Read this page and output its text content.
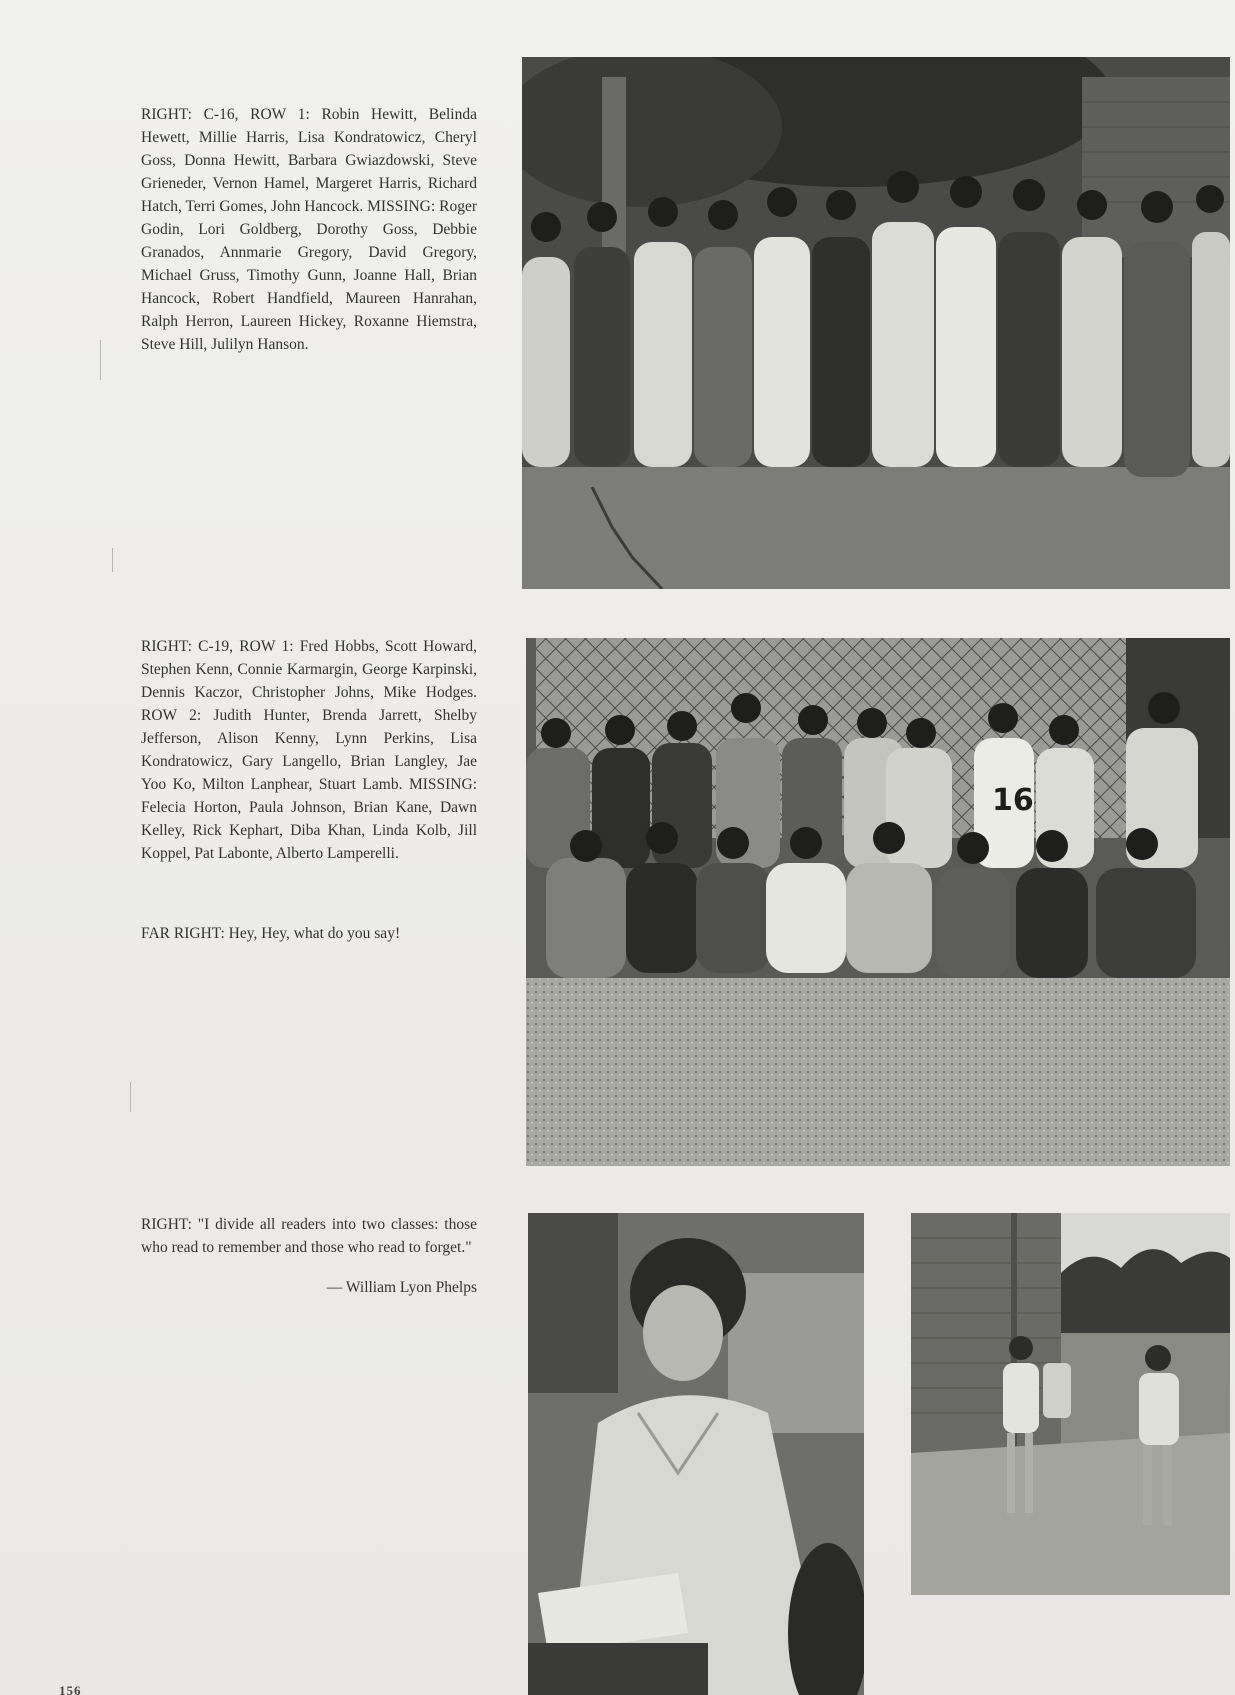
RIGHT: C-16, ROW 1: Robin Hewitt, Belinda Hewett, Millie Harris, Lisa Kondratowicz, Cheryl Goss, Donna Hewitt, Barbara Gwiazdowski, Steve Grieneder, Vernon Hamel, Margeret Harris, Richard Hatch, Terri Gomes, John Hancock. MISSING: Roger Godin, Lori Goldberg, Dorothy Goss, Debbie Granados, Annmarie Gregory, David Gregory, Michael Gruss, Timothy Gunn, Joanne Hall, Brian Hancock, Robert Handfield, Maureen Hanrahan, Ralph Herron, Laureen Hickey, Roxanne Hiemstra, Steve Hill, Julilyn Hanson.

RIGHT: C-19, ROW 1: Fred Hobbs, Scott Howard, Stephen Kenn, Connie Karmargin, George Karpinski, Dennis Kaczor, Christopher Johns, Mike Hodges. ROW 2: Judith Hunter, Brenda Jarrett, Shelby Jefferson, Alison Kenny, Lynn Perkins, Lisa Kondratowicz, Gary Langello, Brian Langley, Jae Yoo Ko, Milton Lanphear, Stuart Lamb. MISSING: Felecia Horton, Paula Johnson, Brian Kane, Dawn Kelley, Rick Kephart, Diba Khan, Linda Kolb, Jill Koppel, Pat Labonte, Alberto Lamperelli.

FAR RIGHT: Hey, Hey, what do you say!

RIGHT: "I divide all readers into two classes: those who read to remember and those who read to forget."

— William Lyon Phelps
16
156
